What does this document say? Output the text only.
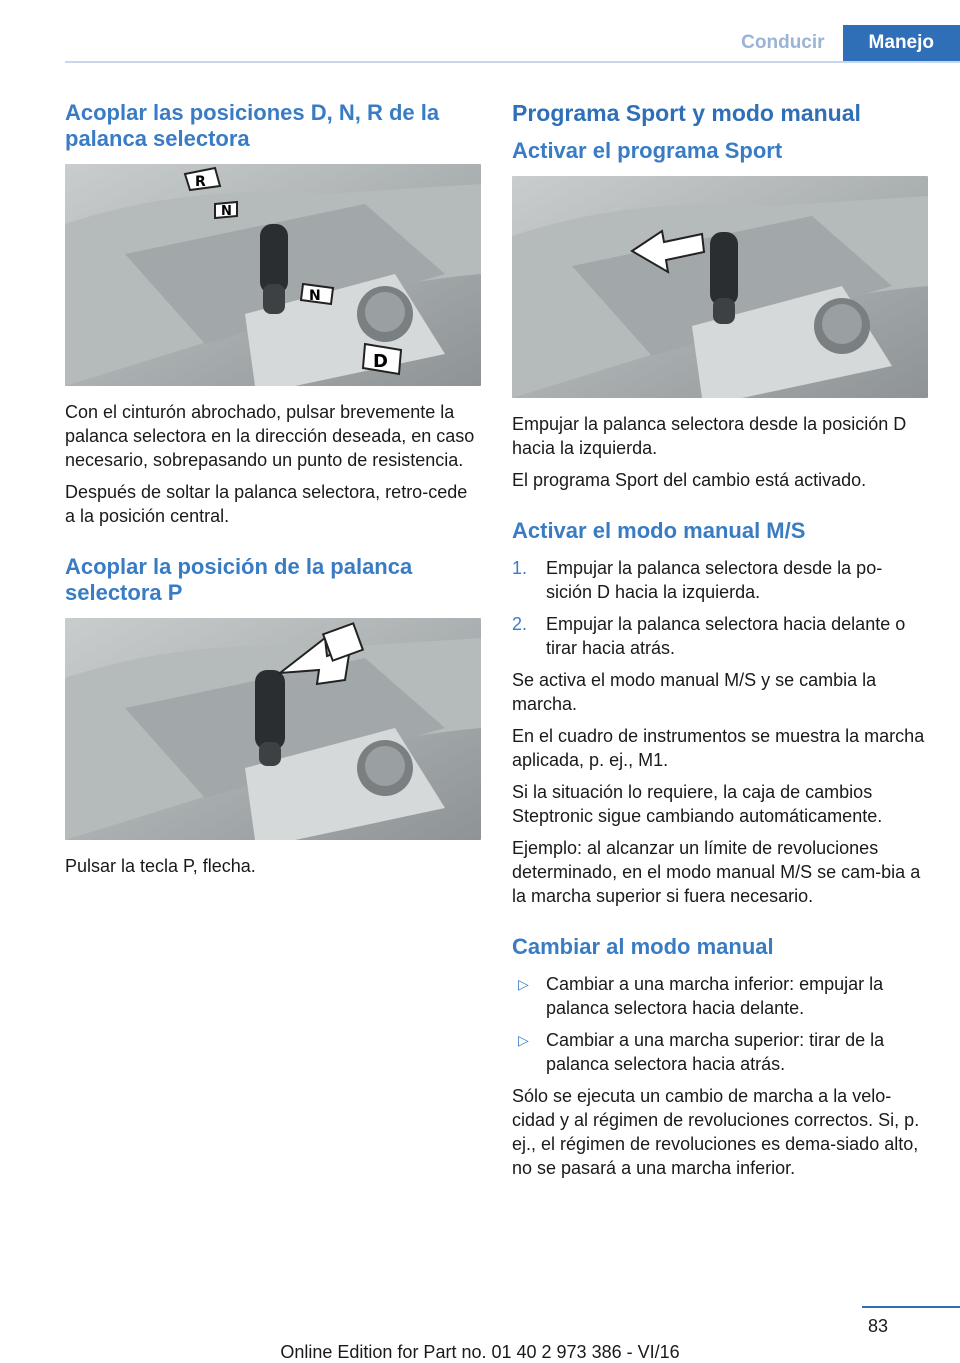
Conducir	Manejo
Acoplar las posiciones D, N, R de la palanca selectora
R
N
N
D

Con el cinturón abrochado, pulsar brevemente la palanca selectora en la dirección deseada, en caso necesario, sobrepasando un punto de resistencia.

Después de soltar la palanca selectora, retro‐cede a la posición central.

Acoplar la posición de la palanca selectora P

Pulsar la tecla P, flecha.

Programa Sport y modo manual
Activar el programa Sport

Empujar la palanca selectora desde la posición D hacia la izquierda.

El programa Sport del cambio está activado.

Activar el modo manual M/S
1.	Empujar la palanca selectora desde la po‐sición D hacia la izquierda.
2.	Empujar la palanca selectora hacia delante o tirar hacia atrás.

Se activa el modo manual M/S y se cambia la marcha.

En el cuadro de instrumentos se muestra la marcha aplicada, p. ej., M1.

Si la situación lo requiere, la caja de cambios Steptronic sigue cambiando automáticamente.

Ejemplo: al alcanzar un límite de revoluciones determinado, en el modo manual M/S se cam‐bia a la marcha superior si fuera necesario.

Cambiar al modo manual
▷ Cambiar a una marcha inferior: empujar la palanca selectora hacia delante.
▷ Cambiar a una marcha superior: tirar de la palanca selectora hacia atrás.

Sólo se ejecuta un cambio de marcha a la velo‐cidad y al régimen de revoluciones correctos. Si, p. ej., el régimen de revoluciones es dema‐siado alto, no se pasará a una marcha inferior.

83
Online Edition for Part no. 01 40 2 973 386 - VI/16
